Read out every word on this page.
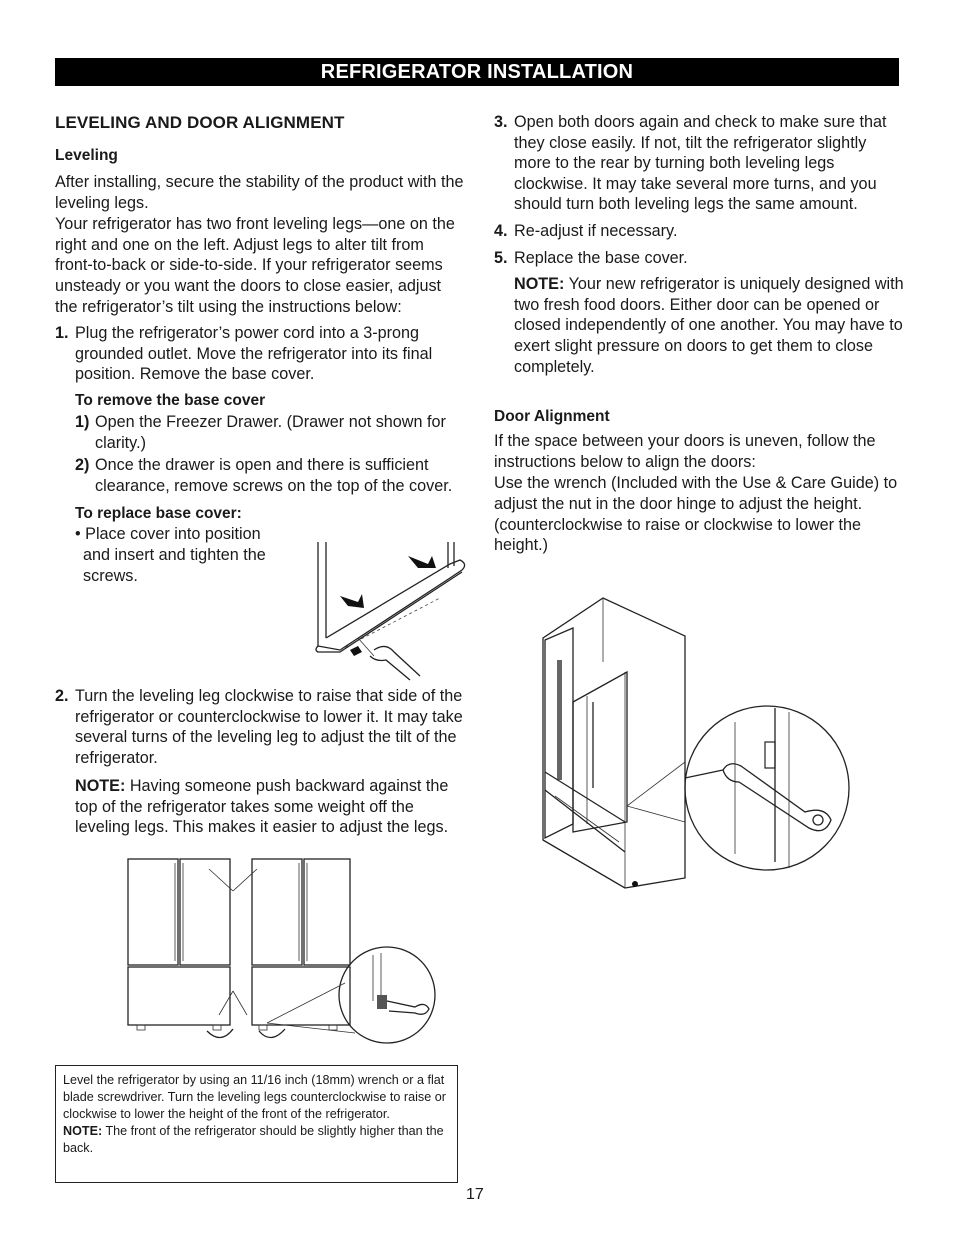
REFRIGERATOR INSTALLATION
LEVELING AND DOOR ALIGNMENT
Leveling

After installing, secure the stability of the product with the leveling legs.

Your refrigerator has two front leveling legs—one on the right and one on the left. Adjust legs to alter tilt from front-to-back or side-to-side. If your refrigerator seems unsteady or you want the doors to close easier, adjust the refrigerator’s tilt using the instructions below:

1. Plug the refrigerator’s power cord into a 3-prong grounded outlet. Move the refrigerator into its final position. Remove the base cover.
To remove the base cover
1) Open the Freezer Drawer. (Drawer not shown for clarity.)
2) Once the drawer is open and there is sufficient clearance, remove screws on the top of the cover.
To replace base cover:
• Place cover into position and insert and tighten the screws.
2. Turn the leveling leg clockwise to raise that side of the refrigerator or counterclockwise to lower it. It may take several turns of the leveling leg to adjust the tilt of the refrigerator.
NOTE: Having someone push backward against the top of the refrigerator takes some weight off the leveling legs. This makes it easier to adjust the legs.
Level the refrigerator by using an 11/16 inch (18mm) wrench or a flat blade screwdriver. Turn the leveling legs counterclockwise to raise or clockwise to lower the height of the front of the refrigerator.
NOTE: The front of the refrigerator should be slightly higher than the back.
3. Open both doors again and check to make sure that they close easily. If not, tilt the refrigerator slightly more to the rear by turning both leveling legs clockwise. It may take several more turns, and you should turn both leveling legs the same amount.
4. Re-adjust if necessary.
5. Replace the base cover.
NOTE: Your new refrigerator is uniquely designed with two fresh food doors. Either door can be opened or closed independently of one another. You may have to exert slight pressure on doors to get them to close completely.
Door Alignment

If the space between your doors is uneven, follow the instructions below to align the doors:

Use the wrench (Included with the Use & Care Guide) to adjust the nut in the door hinge to adjust the height. (counterclockwise to raise or clockwise to lower the height.)

17
